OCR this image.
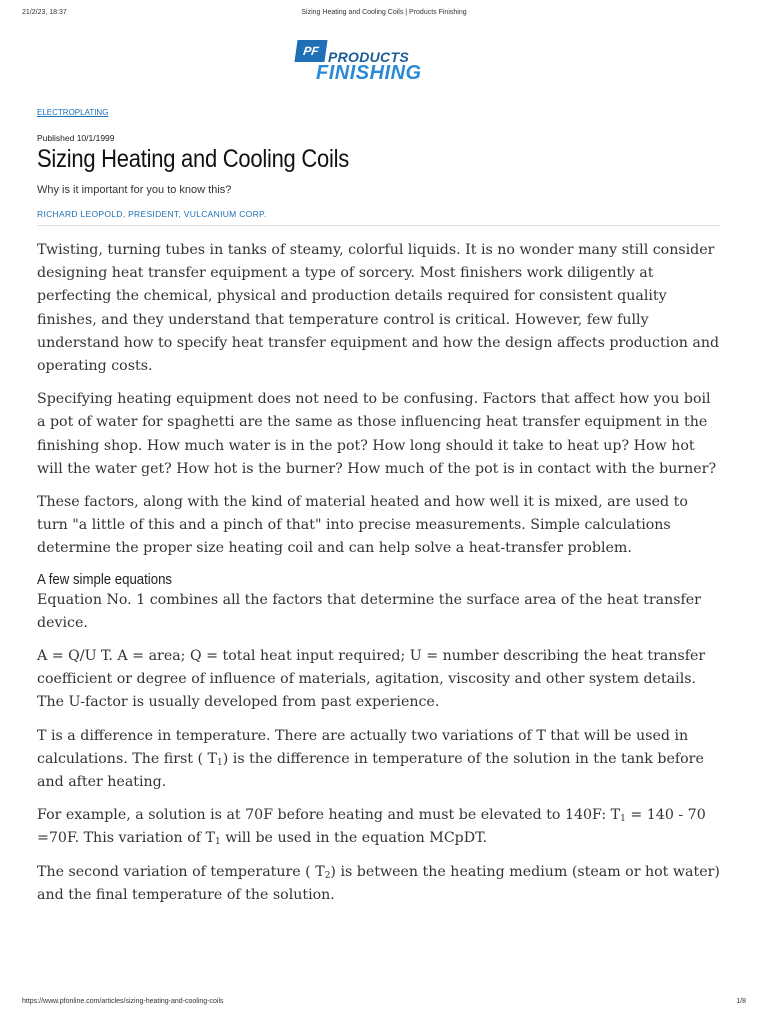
21/2/23, 18:37	Sizing Heating and Cooling Coils | Products Finishing
PF PRODUCTS
FINISHING
ELECTROPLATING
Published 10/1/1999
Sizing Heating and Cooling Coils
Why is it important for you to know this?
RICHARD LEOPOLD, PRESIDENT, VULCANIUM CORP.

Twisting, turning tubes in tanks of steamy, colorful liquids. It is no wonder many still consider designing heat transfer equipment a type of sorcery. Most finishers work diligently at perfecting the chemical, physical and production details required for consistent quality finishes, and they understand that temperature control is critical. However, few fully understand how to specify heat transfer equipment and how the design affects production and operating costs.

Specifying heating equipment does not need to be confusing. Factors that affect how you boil a pot of water for spaghetti are the same as those influencing heat transfer equipment in the finishing shop. How much water is in the pot? How long should it take to heat up? How hot will the water get? How hot is the burner? How much of the pot is in contact with the burner?

These factors, along with the kind of material heated and how well it is mixed, are used to turn "a little of this and a pinch of that" into precise measurements. Simple calculations determine the proper size heating coil and can help solve a heat-transfer problem.

A few simple equations

Equation No. 1 combines all the factors that determine the surface area of the heat transfer device.

A = Q/U T. A = area; Q = total heat input required; U = number describing the heat transfer coefficient or degree of influence of materials, agitation, viscosity and other system details. The U-factor is usually developed from past experience.

T is a difference in temperature. There are actually two variations of T that will be used in calculations. The first ( $T_1$) is the difference in temperature of the solution in the tank before and after heating.

For example, a solution is at 70F before heating and must be elevated to 140F: $T_1 = 140 - 70 =70F$. This variation of $T_1$ will be used in the equation MCpDT.

The second variation of temperature ( $T_2$) is between the heating medium (steam or hot water) and the final temperature of the solution.

https://www.pfonline.com/articles/sizing-heating-and-cooling-coils	1/8
